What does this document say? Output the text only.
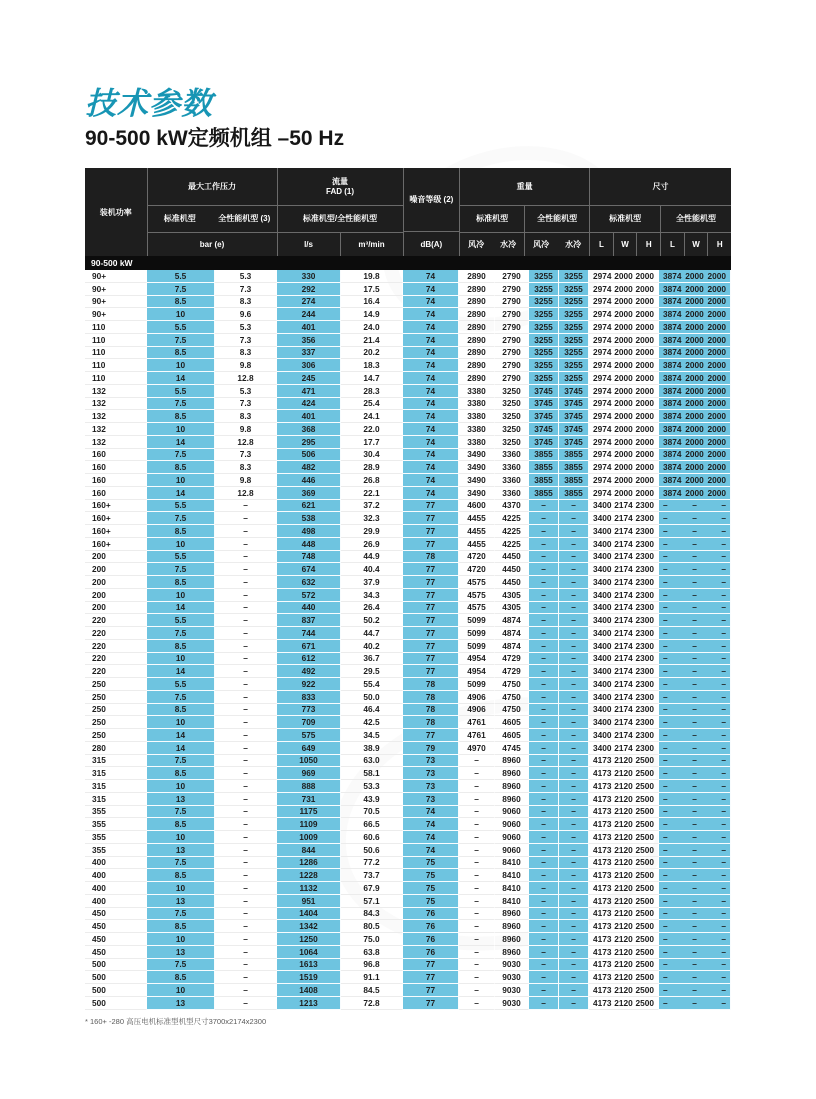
技术参数
90-500 kW定频机组 –50 Hz
装机功率
最大工作压力
标准机型	全性能机型 (3)
bar (e)
流量
FAD (1)
标准机型/全性能机型
l/s	m³/min
噪音等级 (2)
dB(A)
重量
标准机型	全性能机型
风冷	水冷	风冷	水冷
尺寸
标准机型	全性能机型
L	W	H	L	W	H
90-500 kW
90+	5.5	5.3	330	19.8	74	2890	2790	3255	3255	2974 2000 2000 3874 2000 2000
90+	7.5	7.3	292	17.5	74	2890	2790	3255	3255	2974 2000 2000 3874 2000 2000
90+	8.5	8.3	274	16.4	74	2890	2790	3255	3255	2974 2000 2000 3874 2000 2000
90+	10	9.6	244	14.9	74	2890	2790	3255	3255	2974 2000 2000 3874 2000 2000
110	5.5	5.3	401	24.0	74	2890	2790	3255	3255	2974 2000 2000 3874 2000 2000
110	7.5	7.3	356	21.4	74	2890	2790	3255	3255	2974 2000 2000 3874 2000 2000
110	8.5	8.3	337	20.2	74	2890	2790	3255	3255	2974 2000 2000 3874 2000 2000
110	10	9.8	306	18.3	74	2890	2790	3255	3255	2974 2000 2000 3874 2000 2000
110	14	12.8	245	14.7	74	2890	2790	3255	3255	2974 2000 2000 3874 2000 2000
132	5.5	5.3	471	28.3	74	3380	3250	3745	3745	2974 2000 2000 3874 2000 2000
132	7.5	7.3	424	25.4	74	3380	3250	3745	3745	2974 2000 2000 3874 2000 2000
132	8.5	8.3	401	24.1	74	3380	3250	3745	3745	2974 2000 2000 3874 2000 2000
132	10	9.8	368	22.0	74	3380	3250	3745	3745	2974 2000 2000 3874 2000 2000
132	14	12.8	295	17.7	74	3380	3250	3745	3745	2974 2000 2000 3874 2000 2000
160	7.5	7.3	506	30.4	74	3490	3360	3855	3855	2974 2000 2000 3874 2000 2000
160	8.5	8.3	482	28.9	74	3490	3360	3855	3855	2974 2000 2000 3874 2000 2000
160	10	9.8	446	26.8	74	3490	3360	3855	3855	2974 2000 2000 3874 2000 2000
160	14	12.8	369	22.1	74	3490	3360	3855	3855	2974 2000 2000 3874 2000 2000
160+	5.5	–	621	37.2	77	4600	4370	–	–	3400 2174 2300 –	–	–
160+	7.5	–	538	32.3	77	4455	4225	–	–	3400 2174 2300 –	–	–
160+	8.5	–	498	29.9	77	4455	4225	–	–	3400 2174 2300 –	–	–
160+	10	–	448	26.9	77	4455	4225	–	–	3400 2174 2300 –	–	–
200	5.5	–	748	44.9	78	4720	4450	–	–	3400 2174 2300 –	–	–
200	7.5	–	674	40.4	77	4720	4450	–	–	3400 2174 2300 –	–	–
200	8.5	–	632	37.9	77	4575	4450	–	–	3400 2174 2300 –	–	–
200	10	–	572	34.3	77	4575	4305	–	–	3400 2174 2300 –	–	–
200	14	–	440	26.4	77	4575	4305	–	–	3400 2174 2300 –	–	–
220	5.5	–	837	50.2	77	5099	4874	–	–	3400 2174 2300 –	–	–
220	7.5	–	744	44.7	77	5099	4874	–	–	3400 2174 2300 –	–	–
220	8.5	–	671	40.2	77	5099	4874	–	–	3400 2174 2300 –	–	–
220	10	–	612	36.7	77	4954	4729	–	–	3400 2174 2300 –	–	–
220	14	–	492	29.5	77	4954	4729	–	–	3400 2174 2300 –	–	–
250	5.5	–	922	55.4	78	5099	4750	–	–	3400 2174 2300 –	–	–
250	7.5	–	833	50.0	78	4906	4750	–	–	3400 2174 2300 –	–	–
250	8.5	–	773	46.4	78	4906	4750	–	–	3400 2174 2300 –	–	–
250	10	–	709	42.5	78	4761	4605	–	–	3400 2174 2300 –	–	–
250	14	–	575	34.5	77	4761	4605	–	–	3400 2174 2300 –	–	–
280	14	–	649	38.9	79	4970	4745	–	–	3400 2174 2300 –	–	–
315	7.5	–	1050	63.0	73	–	8960	–	–	4173 2120 2500 –	–	–
315	8.5	–	969	58.1	73	–	8960	–	–	4173 2120 2500 –	–	–
315	10	–	888	53.3	73	–	8960	–	–	4173 2120 2500 –	–	–
315	13	–	731	43.9	73	–	8960	–	–	4173 2120 2500 –	–	–
355	7.5	–	1175	70.5	74	–	9060	–	–	4173 2120 2500 –	–	–
355	8.5	–	1109	66.5	74	–	9060	–	–	4173 2120 2500 –	–	–
355	10	–	1009	60.6	74	–	9060	–	–	4173 2120 2500 –	–	–
355	13	–	844	50.6	74	–	9060	–	–	4173 2120 2500 –	–	–
400	7.5	–	1286	77.2	75	–	8410	–	–	4173 2120 2500 –	–	–
400	8.5	–	1228	73.7	75	–	8410	–	–	4173 2120 2500 –	–	–
400	10	–	1132	67.9	75	–	8410	–	–	4173 2120 2500 –	–	–
400	13	–	951	57.1	75	–	8410	–	–	4173 2120 2500 –	–	–
450	7.5	–	1404	84.3	76	–	8960	–	–	4173 2120 2500 –	–	–
450	8.5	–	1342	80.5	76	–	8960	–	–	4173 2120 2500 –	–	–
450	10	–	1250	75.0	76	–	8960	–	–	4173 2120 2500 –	–	–
450	13	–	1064	63.8	76	–	8960	–	–	4173 2120 2500 –	–	–
500	7.5	–	1613	96.8	77	–	9030	–	–	4173 2120 2500 –	–	–
500	8.5	–	1519	91.1	77	–	9030	–	–	4173 2120 2500 –	–	–
500	10	–	1408	84.5	77	–	9030	–	–	4173 2120 2500 –	–	–
500	13	–	1213	72.8	77	–	9030	–	–	4173 2120 2500 –	–	–
* 160+ -280 高压电机标准型机型尺寸3700x2174x2300
